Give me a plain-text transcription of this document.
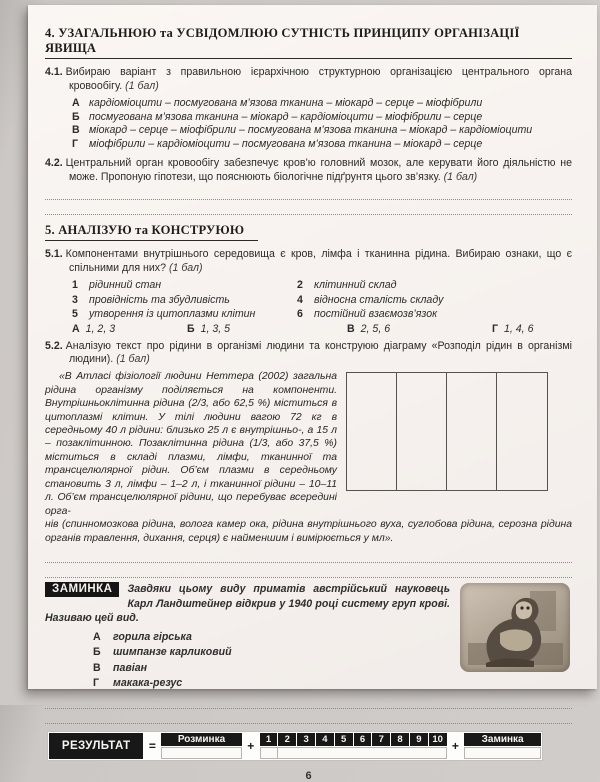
4. УЗАГАЛЬНЮЮ та УСВІДОМЛЮЮ СУТНІСТЬ ПРИНЦИПУ ОРГАНІЗАЦІЇ ЯВИЩА
4.1. Вибираю варіант з правильною ієрархічною структурною організацією центрального органа кровообігу. (1 бал)
А кардіоміоцити – посмугована м’язова тканина – міокард – серце – міофібрили
Б посмугована м’язова тканина – міокард – кардіоміоцити – міофібрили – серце
В міокард – серце – міофібрили – посмугована м’язова тканина – міокард – кардіоміоцити
Г	міофібрили – кардіоміоцити – посмугована м’язова тканина – міокард – серце
4.2. Центральний орган кровообігу забезпечує кров’ю головний мозок, але керувати його діяльністю не може. Пропоную гіпотези, що пояснюють біологічне підґрунтя цього зв’язку. (1 бал)
5. АНАЛІЗУЮ та КОНСТРУЮЮ
5.1. Компонентами внутрішнього середовища є кров, лімфа і тканинна рідина. Вибираю ознаки, що є спільними для них? (1 бал)
1	рідинний стан	2	клітинний склад
3	провідність та збудливість	4	відносна сталість складу
5	утворення із цитоплазми клітин	6	постійний взаємозв’язок
А 1, 2, 3	Б 1, 3, 5	В 2, 5, 6	Г 1, 4, 6
5.2. Аналізую текст про рідини в організмі людини та конструюю діаграму «Розподіл рідин в організмі людини). (1 бал)
«В Атласі фізіології людини Неттера (2002) загальна рідина організму поділяється на компоненти. Внутрішньоклітинна рідина (2/3, або 62,5 %) міститься в цитоплазмі клітин. У тілі людини вагою 72 кг в середньому 40 л рідини: близько 25 л є внутрішньо-, а 15 л – позаклітинною. Позаклітинна рідина (1/3, або 37,5 %) міститься в складі плазми, лімфи, тканинної та трансцелюлярної рідин. Об’єм плазми в середньому становить 3 л, лімфи – 1–2 л, і тканинної рідини – 10–11 л. Об’єм трансцелюлярної рідини, що перебуває всередині орга-
нів (спинномозкова рідина, волога камер ока, рідина внутрішнього вуха, суглобова рідина, серозна рідина органів травлення, дихання, серця) є найменшим і вимірюється у мл».
ЗАМИНКА	Завдяки цьому виду приматів австрійський науковець Карл Ландштейнер відкрив у 1940 році систему груп крові. Називаю цей вид.
А	горила гірська
Б	шимпанзе карликовий
В	павіан
Г	макака-резус
РЕЗУЛЬТАТ	=	Розминка	+	1	2	3	4	5	6	7	8	9	10 +	Заминка
6
